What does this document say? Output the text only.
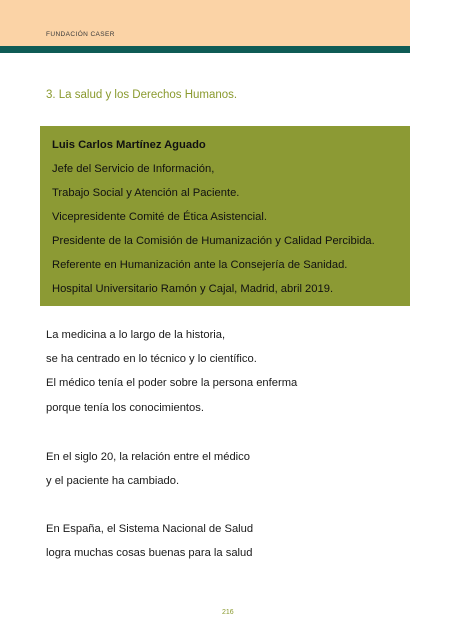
FUNDACIÓN CASER
3. La salud y los Derechos Humanos.
Luis Carlos Martínez Aguado
Jefe del Servicio de Información,
Trabajo Social y Atención al Paciente.
Vicepresidente Comité de Ética Asistencial.
Presidente de la Comisión de Humanización y Calidad Percibida.
Referente en Humanización ante la Consejería de Sanidad.
Hospital Universitario Ramón y Cajal, Madrid, abril 2019.
La medicina a lo largo de la historia,
se ha centrado en lo técnico y lo científico.
El médico tenía el poder sobre la persona enferma
porque tenía los conocimientos.
En el siglo 20, la relación entre el médico
y el paciente ha cambiado.
En España, el Sistema Nacional de Salud
logra muchas cosas buenas para la salud
216
